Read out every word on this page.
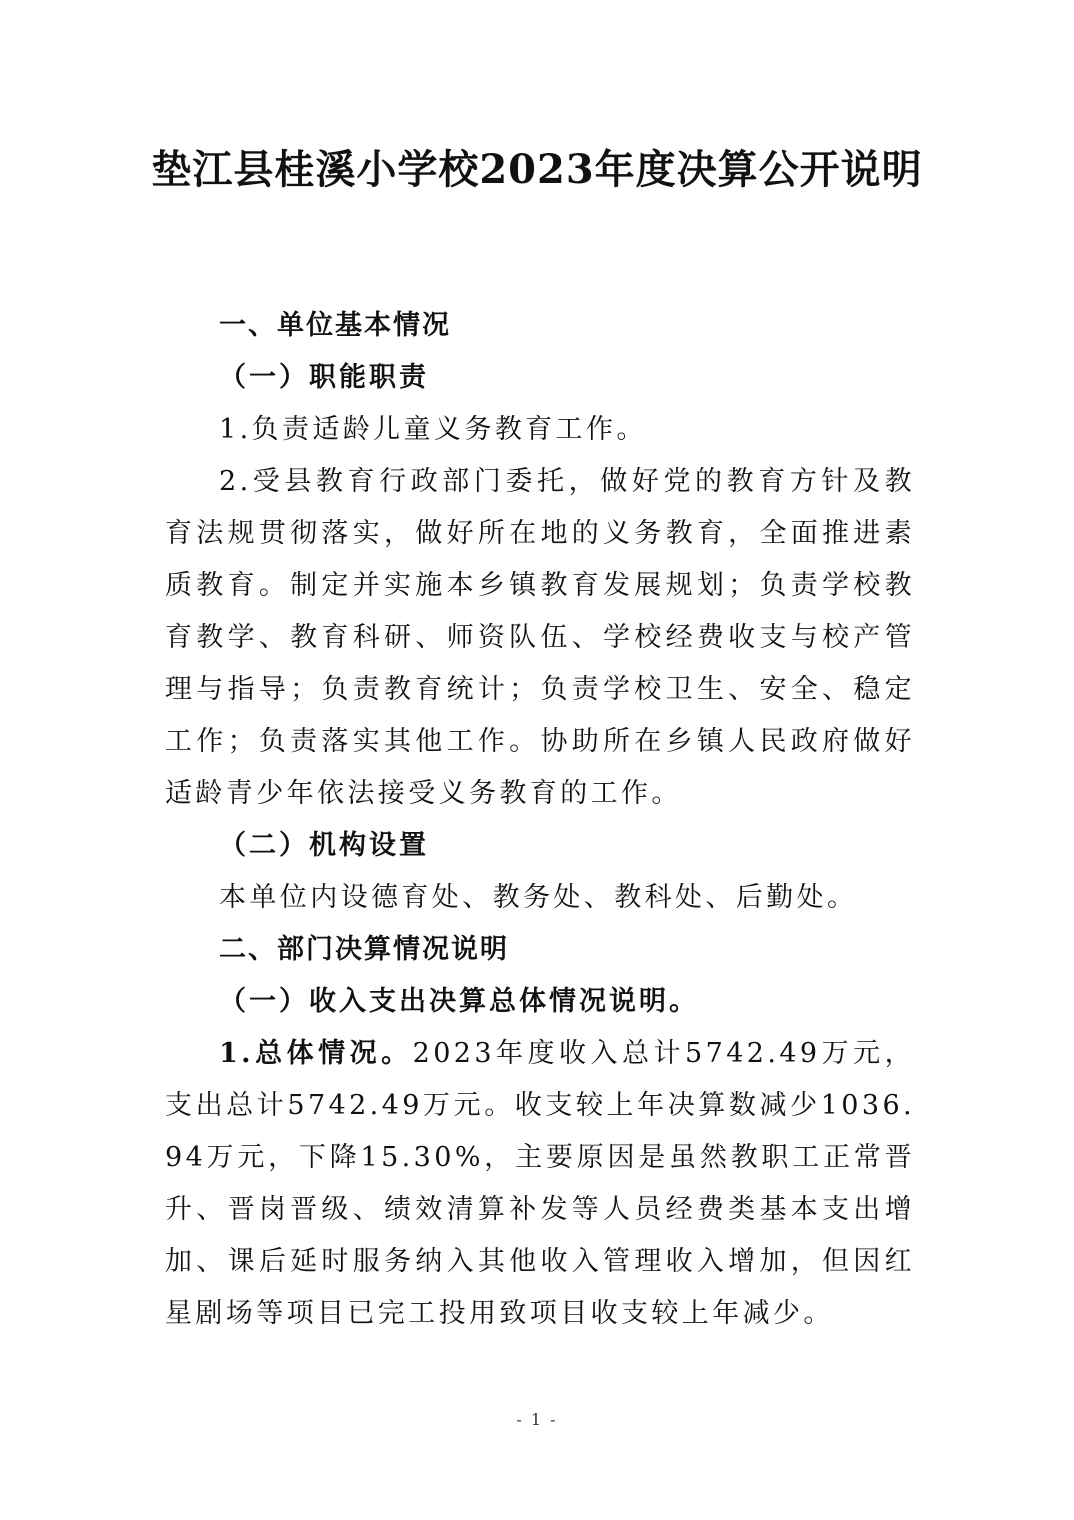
垫江县桂溪小学校2023年度决算公开说明

一、单位基本情况

（一）职能职责

1.负责适龄儿童义务教育工作。

2.受县教育行政部门委托，做好党的教育方针及教育法规贯彻落实，做好所在地的义务教育，全面推进素质教育。制定并实施本乡镇教育发展规划；负责学校教育教学、教育科研、师资队伍、学校经费收支与校产管理与指导；负责教育统计；负责学校卫生、安全、稳定工作；负责落实其他工作。协助所在乡镇人民政府做好适龄青少年依法接受义务教育的工作。

（二）机构设置

本单位内设德育处、教务处、教科处、后勤处。

二、部门决算情况说明

（一）收入支出决算总体情况说明。

1.总体情况。2023年度收入总计5742.49万元，支出总计5742.49万元。收支较上年决算数减少1036.94万元，下降15.30%，主要原因是虽然教职工正常晋升、晋岗晋级、绩效清算补发等人员经费类基本支出增加、课后延时服务纳入其他收入管理收入增加，但因红星剧场等项目已完工投用致项目收支较上年减少。

- 1 -
